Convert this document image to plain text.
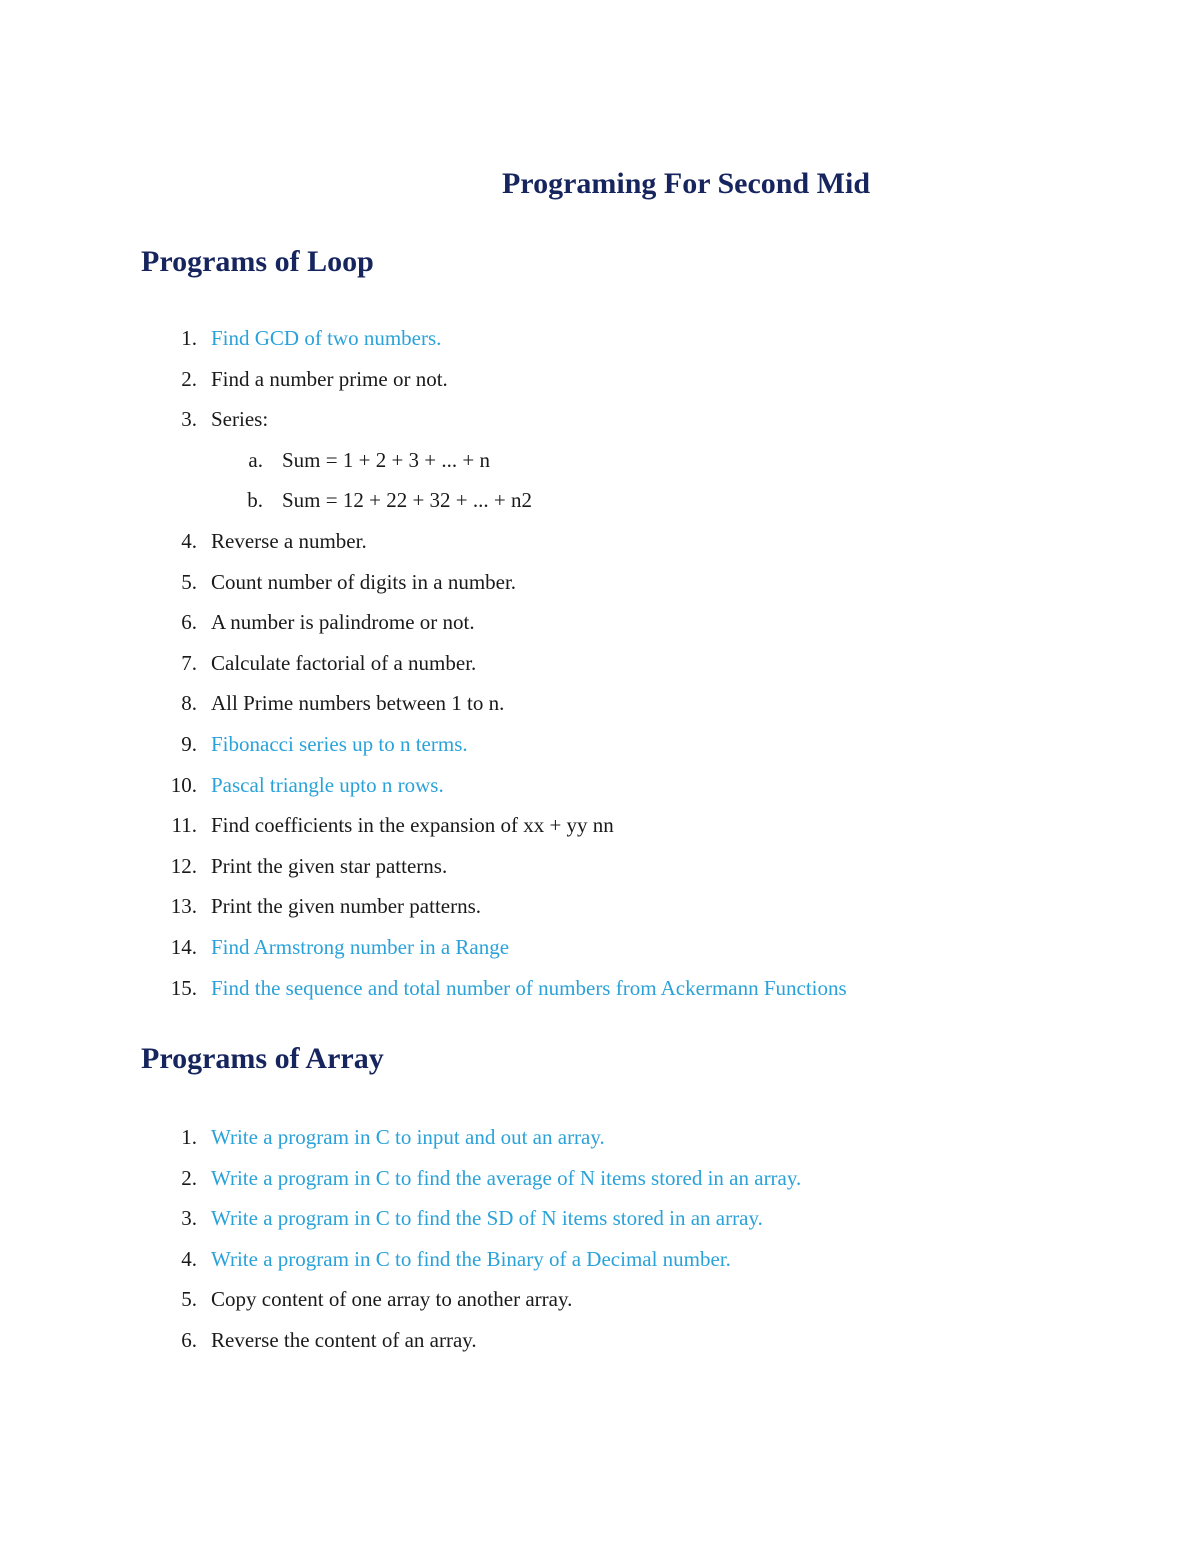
Programing For Second Mid
Programs of Loop
1. Find GCD of two numbers.
2. Find a number prime or not.
3. Series:
a. Sum = 1 + 2 + 3 + ... + n
b. Sum = 12 + 22 + 32 + ... + n2
4. Reverse a number.
5. Count number of digits in a number.
6. A number is palindrome or not.
7. Calculate factorial of a number.
8. All Prime numbers between 1 to n.
9. Fibonacci series up to n terms.
10. Pascal triangle upto n rows.
11. Find coefficients in the expansion of xx + yy nn
12. Print the given star patterns.
13. Print the given number patterns.
14. Find Armstrong number in a Range
15. Find the sequence and total number of numbers from Ackermann Functions
Programs of Array
1. Write a program in C to input and out an array.
2. Write a program in C to find the average of N items stored in an array.
3. Write a program in C to find the SD of N items stored in an array.
4. Write a program in C to find the Binary of a Decimal number.
5. Copy content of one array to another array.
6. Reverse the content of an array.
